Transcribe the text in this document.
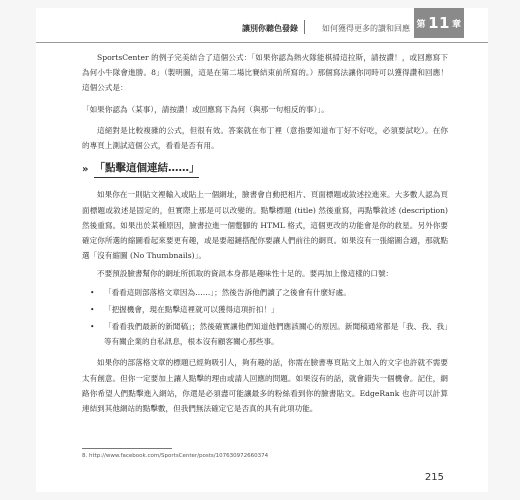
讓別你聽色發錄	如何獲得更多的讚和回應 第 11 章

SportsCenter 的例子完美結合了這個公式：「如果你認為熱火隊能棋掃這拉斯，請按讚！，或回應寫下為何小牛隊會進勝。8」（製明圖，這是在第二場比賽結束前所寫的。）那個寫法讓你同時可以獲得讚和回應！這個公式是：

「如果你認為（某事），請按讚！或回應寫下為何（與那一句相反的事）」。

這絕對是比較複雜的公式，但很有效。答案就在布丁裡（意指要知道布丁好不好吃，必須要試吃）。在你的專頁上測試這個公式，看看是否有用。

» 「點擊這個連結……」

如果你在一則貼文裡輸入或貼上一個網址，臉書會自動把相片、頁面標題或敘述拉進來。大多數人認為頁面標題或敘述是固定的，但實際上那是可以改變的。點擊標題 (title) 然後重寫，再點擊敘述 (description) 然後重寫。如果出於某種原因，臉書拉進一個蹩腳的 HTML 格式，這個更改的功能會是你的救星。另外你要確定你所選的縮圖看起來要更有趣，或是要超鏈搭配你要讓人們前往的網頁。如果沒有一張縮圖合適，那就點選「沒有縮圖 (No Thumbnails)」。

不要預設臉書幫你的網址所抓取的資訊本身都是趣味性十足的。要再加上像這樣的口號：

• 「看看這則部落格文章因為……」；然後告訴他們讀了之後會有什麼好處。
• 「把握機會，現在點擊這裡就可以獲得這項折扣！」
• 「看看我們最新的新聞稿」；然後確實讓他們知道他們應該關心的原因。新聞稿通常都是「我、我、我」等有關企業的自私訊息，根本沒有顧客關心那些事。

如果你的部落格文章的標題已經夠吸引人，夠有趣的話，你需在臉書專頁貼文上加入的文字也許就不需要太有創意。但你一定要加上讓人點擊的理由或請人回應的問題。如果沒有的話，就會錯失一個機會。記住，網路你希望人們點擊進入網站，你還是必須盡可能讓最多的粉絲看到你的臉書貼文。EdgeRank 也許可以計算連結到其他網站的點擊數，但我們無法確定它是否真的具有此項功能。

8. http://www.facebook.com/SportsCenter/posts/107630972660374
215
